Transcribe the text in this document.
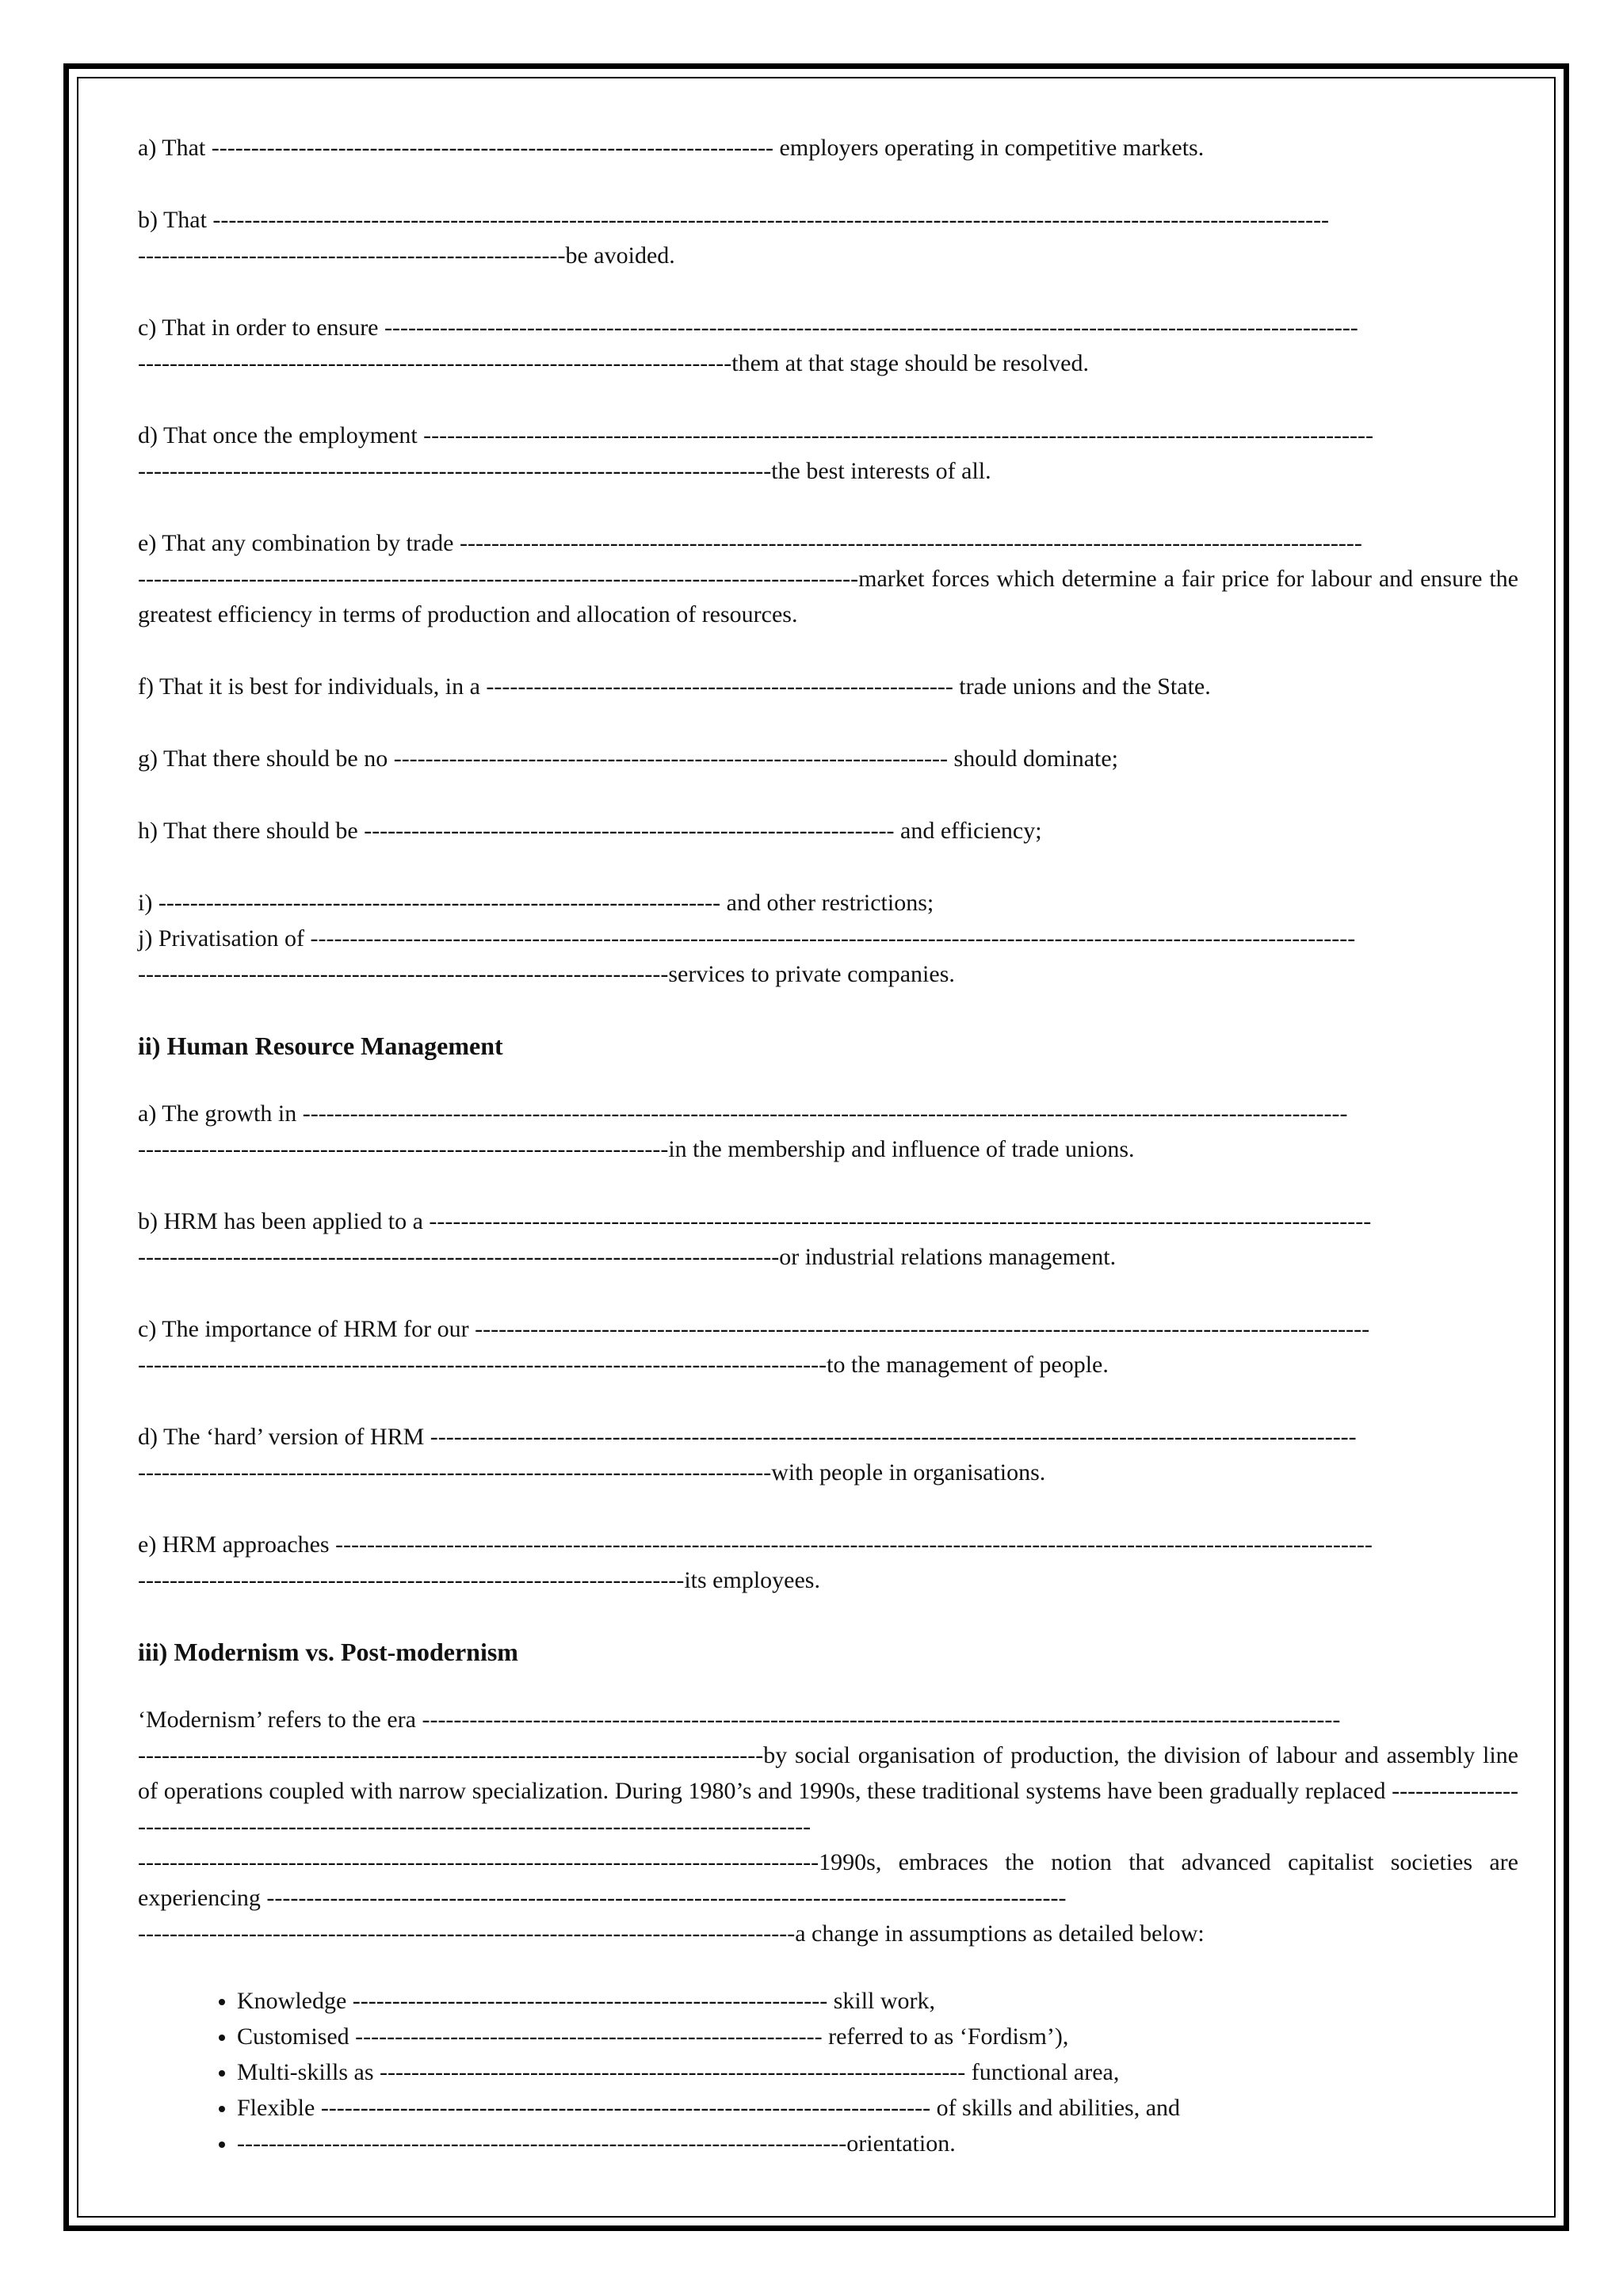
a) That ----------------------------------------------------------------------- employers operating in competitive markets.

b) That ---------------------------------------------------------------------------------------------------------------------------------------------
------------------------------------------------------be avoided.

c) That in order to ensure ---------------------------------------------------------------------------------------------------------------------------
---------------------------------------------------------------------------them at that stage should be resolved.

d) That once the employment ------------------------------------------------------------------------------------------------------------------------
--------------------------------------------------------------------------------the best interests of all.

e) That any combination by trade ------------------------------------------------------------------------------------------------------------------
-------------------------------------------------------------------------------------------market forces which determine a fair price for labour and ensure the greatest efficiency in terms of production and allocation of resources.

f) That it is best for individuals, in a ----------------------------------------------------------- trade unions and the State.

g) That there should be no ---------------------------------------------------------------------- should dominate;

h) That there should be ------------------------------------------------------------------- and efficiency;

i) ----------------------------------------------------------------------- and other restrictions;

j) Privatisation of ------------------------------------------------------------------------------------------------------------------------------------
-------------------------------------------------------------------services to private companies.

ii) Human Resource Management

a) The growth in ------------------------------------------------------------------------------------------------------------------------------------
-------------------------------------------------------------------in the membership and influence of trade unions.

b) HRM has been applied to a -----------------------------------------------------------------------------------------------------------------------
---------------------------------------------------------------------------------or industrial relations management.

c) The importance of HRM for our -----------------------------------------------------------------------------------------------------------------
---------------------------------------------------------------------------------------to the management of people.

d) The ‘hard’ version of HRM ---------------------------------------------------------------------------------------------------------------------
--------------------------------------------------------------------------------with people in organisations.

e) HRM approaches -----------------------------------------------------------------------------------------------------------------------------------
---------------------------------------------------------------------its employees.

iii) Modernism vs. Post-modernism

‘Modernism’ refers to the era --------------------------------------------------------------------------------------------------------------------
-------------------------------------------------------------------------------by social organisation of production, the division of labour and assembly line of operations coupled with narrow specialization. During 1980’s and 1990s, these traditional systems have been gradually replaced -----------------------------------------------------------------------------------------------------
--------------------------------------------------------------------------------------1990s, embraces the notion that advanced capitalist societies are experiencing -----------------------------------------------------------------------------------------------------
-----------------------------------------------------------------------------------a change in assumptions as detailed below:

• Knowledge ------------------------------------------------------------ skill work,
• Customised ----------------------------------------------------------- referred to as ‘Fordism’),
• Multi-skills as -------------------------------------------------------------------------- functional area,
• Flexible ----------------------------------------------------------------------------- of skills and abilities, and
• -----------------------------------------------------------------------------orientation.
